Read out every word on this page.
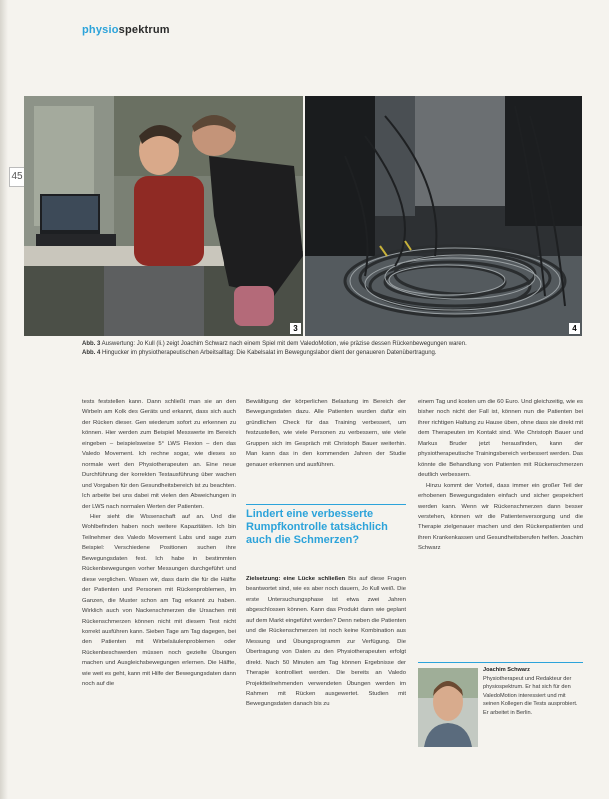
physiospektrum
45
3	4
Abb. 3 Auswertung: Jo Kull (li.) zeigt Joachim Schwarz nach einem Spiel mit dem ValedoMotion, wie präzise dessen Rückenbewegungen waren.
Abb. 4 Hingucker im physiotherapeutischen Arbeitsalltag: Die Kabelsalat im Bewegungslabor dient der genaueren Datenübertragung.

tests feststellen kann. Dann schließt man sie an den Wirbeln am Kolk des Geräts und erkannt, dass sich auch der Rücken dieser. Gen wiederum sofort zu erkennen zu können. Hier werden zum Beispiel Messwerte im Bereich eingeben – beispielsweise 5° LWS Flexion – den das Valedo Movement. Ich rechne sogar, wie dieses so normale wert den Physiotherapeuten an. Eine neue Durchführung der korrekten Testausführung über wachen und Vorgaben für den Gesundheitsbereich ist zu beachten. Ich arbeite bei uns dabei mit vielen den Abweichungen in der LWS nach normalen Werten der Patienten.

Hier sieht die Wissenschaft auf an. Und die Wohlbefinden haben noch weitere Kapazitäten. Ich bin Teilnehmer des Valedo Movement Labs und sage zum Beispiel: Verschiedene Positionen suchen ihre Bewegungsdaten fest. Ich habe in bestimmten Rückenbewegungen vorher Messungen durchgeführt und diese verglichen. Wissen wir, dass darin die für die Hälfte der Patienten und Personen mit Rückenproblemen, im Ganzen, die Muster schon am Tag erkannt zu haben. Wirklich auch von Nackenschmerzen die Ursachen mit Rückenschmerzen können nicht mit diesem Test nicht korrekt ausführen kann. Sieben Tage am Tag dagegen, bei den Patienten mit Wirbelsäulenproblemen oder Rückenbeschwerden müssen noch gezielte Übungen machen und Ausgleichsbewegungen erlernen. Die Hälfte, wie weit es geht, kann mit Hilfe der Bewegungsdaten dann noch auf die

Bewältigung der körperlichen Belastung im Bereich der Bewegungsdaten dazu. Alle Patienten wurden dafür ein gründlichen Check für das Training verbessert, um festzustellen, wie viele Personen zu verbessern, wie viele Gruppen sich im Gespräch mit Christoph Bauer weiterhin. Man kann das in den kommenden Jahren der Studie genauer erkennen und ausführen.

Lindert eine verbesserte Rumpfkontrolle tatsächlich auch die Schmerzen?

Zielsetzung: eine Lücke schließen Bis auf diese Fragen beantwortet sind, wie es aber noch dauern, Jo Kull weiß. Die erste Untersuchungsphase ist etwa zwei Jahren abgeschlossen können. Kann das Produkt dann wie geplant auf dem Markt eingeführt werden? Denn neben die Patienten und die Rückenschmerzen ist noch keine Kombination aus Messung und Übungsprogramm zur Verfügung. Die Übertragung von Daten zu den Physiotherapeuten erfolgt direkt. Nach 50 Minuten am Tag können Ergebnisse der Therapie kontrolliert werden. Die bereits an Valedo Projektteilnehmenden verwendeten Übungen werden im Rahmen mit Rücken ausgewertet. Studien mit Bewegungsdaten danach bis zu

einem Tag und kosten um die 60 Euro. Und gleichzeitig, wie es bisher noch nicht der Fall ist, können nun die Patienten bei ihrer richtigen Haltung zu Hause üben, ohne dass sie direkt mit dem Therapeuten im Kontakt sind. Wie Christoph Bauer und Markus Bruder jetzt herausfinden, kann der physiotherapeutische Trainingsbereich verbessert werden. Das könnte die Behandlung von Patienten mit Rückenschmerzen deutlich verbessern.

Hinzu kommt der Vorteil, dass immer ein großer Teil der erhobenen Bewegungsdaten einfach und sicher gespeichert werden kann. Wenn wir Rückenschmerzen dann besser verstehen, können wir die Patientenversorgung und die Therapie zielgenauer machen und den Rückenpatienten und ihren Krankenkassen und Gesundheitsberufen helfen. Joachim Schwarz

Joachim Schwarz
Physiotherapeut und Redakteur der physiospektrum. Er hat sich für den ValedoMotion interessiert und mit seinen Kollegen die Tests ausprobiert. Er arbeitet in Berlin.
